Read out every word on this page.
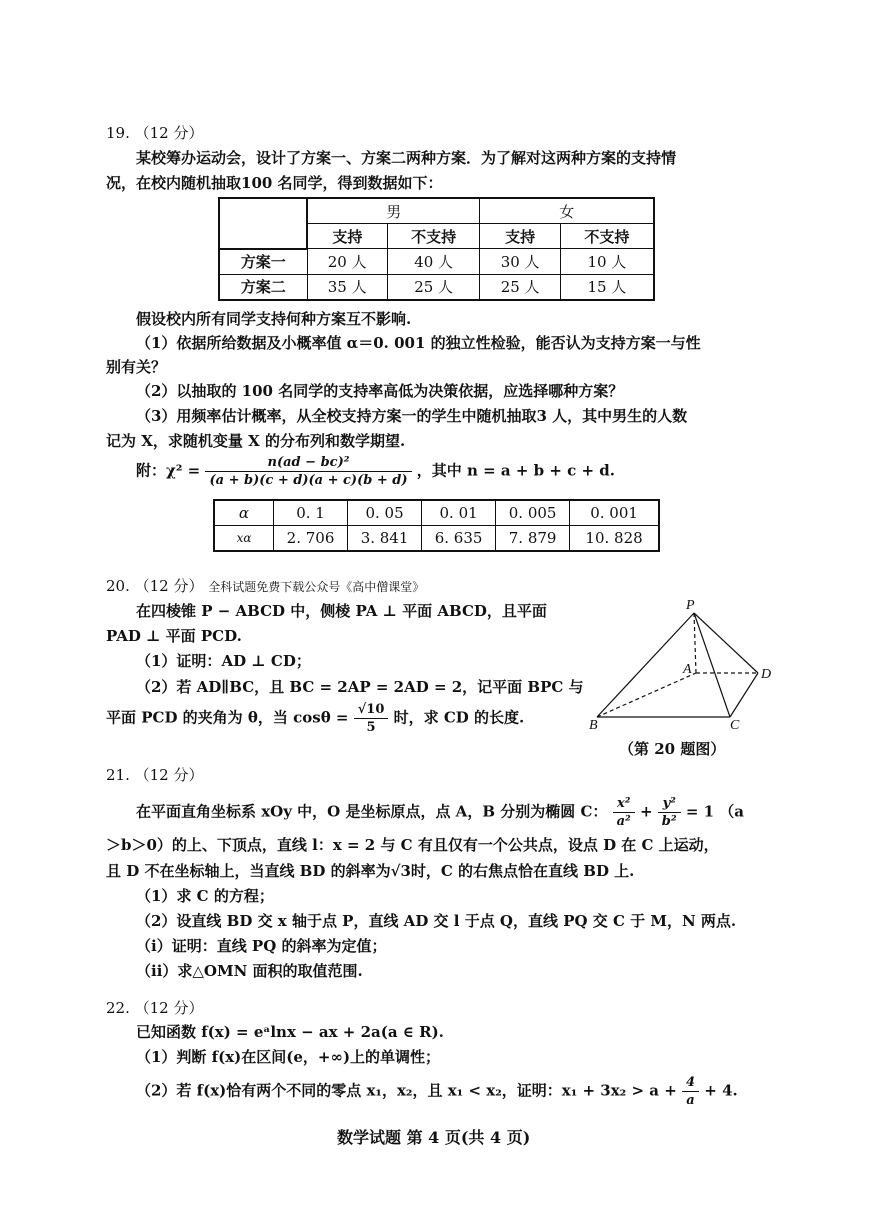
19. （12 分）
某校筹办运动会，设计了方案一、方案二两种方案．为了解对这两种方案的支持情
况，在校内随机抽取100 名同学，得到数据如下：
	男		女	
	支持	不支持	支持	不支持
方案一	20 人	40 人	30 人	10 人
方案二	35 人	25 人	25 人	15 人
假设校内所有同学支持何种方案互不影响.
（1）依据所给数据及小概率值 α＝0. 001 的独立性检验，能否认为支持方案一与性
别有关？
（2）以抽取的 100 名同学的支持率高低为决策依据，应选择哪种方案？
（3）用频率估计概率，从全校支持方案一的学生中随机抽取3 人，其中男生的人数
记为 X，求随机变量 X 的分布列和数学期望.
附：$\chi^2 = \frac{\text{n(ad − bc)²}}{(a + b)(c + d)(a + c)(b + d)}$ ，其中 n = a + b + c + d.
α	0. 1	0. 05	0. 01	0. 005	0. 001
xα	2. 706	3. 841	6. 635	7. 879	10. 828
20. （12 分） 全科试题免费下载公众号《高中僧课堂》
在四棱锥 P − ABCD 中，侧棱 PA ⊥ 平面 ABCD，且平面
PAD ⊥ 平面 PCD.
（1）证明：AD ⊥ CD；
（2）若 AD∥BC，且 BC = 2AP = 2AD = 2，记平面 BPC 与
平面 PCD 的夹角为 θ，当 $\cos\theta = \frac{√10}{5}$ 时，求 CD 的长度.
P
A
B	C
D
（第 20 题图）
21. （12 分）
在平面直角坐标系 xOy 中，O 是坐标原点，点 A，B 分别为椭圆 C： $\frac{\text{x²}}{\text{a²}} + \frac{\text{y²}}{\text{b²}} = 1$ （a
＞b＞0）的上、下顶点，直线 l：x = 2 与 C 有且仅有一个公共点，设点 D 在 C 上运动，
且 D 不在坐标轴上，当直线 BD 的斜率为√3时，C 的右焦点恰在直线 BD 上.
（1）求 C 的方程；
（2）设直线 BD 交 x 轴于点 P，直线 AD 交 l 于点 Q，直线 PQ 交 C 于 M，N 两点.
（ⅰ）证明：直线 PQ 的斜率为定值；
（ⅱ）求△OMN 面积的取值范围.
22. （12 分）
已知函数 f(x) = eᵃlnx − ax + 2a(a ∈ R).
（1）判断 f(x)在区间(e，+∞)上的单调性；
（2）若 f(x)恰有两个不同的零点 x₁，x₂，且 x₁ < x₂，证明：$x_1 + 3x_2 > a + \frac{4}{a} + 4$.
数学试题 第 4 页(共 4 页)
